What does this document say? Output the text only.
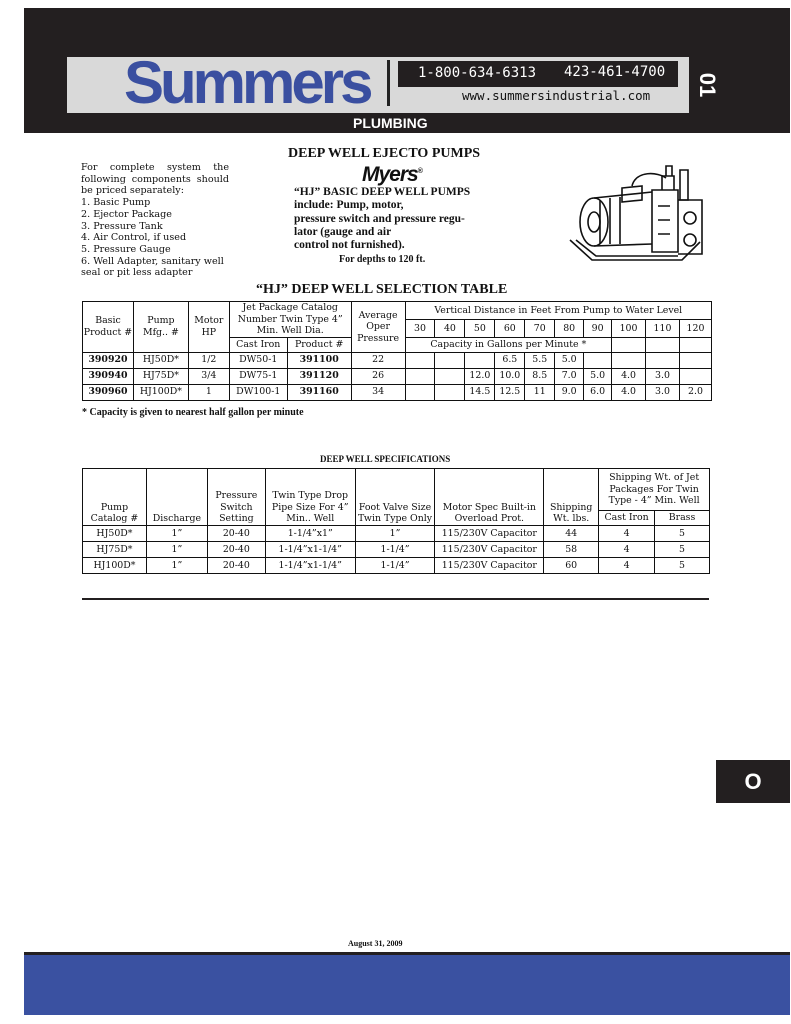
Summers	1-800-634-6313 423-461-4700
www.summersindustrial.com	01
PLUMBING

For complete system the following components should be priced separately:

1. Basic Pump
2. Ejector Package
3. Pressure Tank
4. Air Control, if used
5. Pressure Gauge
6. Well Adapter, sanitary well
seal or pit less adapter
DEEP WELL EJECTO PUMPS
Myers®
“HJ” BASIC DEEP WELL PUMPS
include: Pump, motor,
pressure switch and pressure regu-
lator (gauge and air
control not furnished).
For depths to 120 ft.
“HJ” DEEP WELL SELECTION TABLE
Basic Product #	Pump Mfg.. #	Motor HP	Jet Package Catalog Number Twin Type 4” Min. Well Dia.		Average Oper Pressure	Vertical Distance in Feet From Pump to Water Level									
						30	40	50	60	70	80	90	100	110	120
			Cast Iron	Product #		Capacity in Gallons per Minute *									
390920	HJ50D*	1/2	DW50-1	391100	22				6.5	5.5	5.0				
390940	HJ75D*	3/4	DW75-1	391120	26			12.0	10.0	8.5	7.0	5.0	4.0	3.0	
390960	HJ100D*	1	DW100-1	391160	34			14.5	12.5	11	9.0	6.0	4.0	3.0	2.0
* Capacity is given to nearest half gallon per minute
DEEP WELL SPECIFICATIONS
Pump Catalog #	Discharge	Pressure Switch Setting	Twin Type Drop Pipe Size For 4” Min.. Well	Foot Valve Size Twin Type Only	Motor Spec Built-in Overload Prot.	Shipping Wt. lbs.	Shipping Wt. of Jet Packages For Twin Type - 4” Min. Well	
							Cast Iron	Brass
HJ50D*	1”	20-40	1-1/4”x1”	1”	115/230V Capacitor	44	4	5
HJ75D*	1”	20-40	1-1/4”x1-1/4”	1-1/4”	115/230V Capacitor	58	4	5
HJ100D*	1”	20-40	1-1/4”x1-1/4”	1-1/4”	115/230V Capacitor	60	4	5
O
August 31, 2009
